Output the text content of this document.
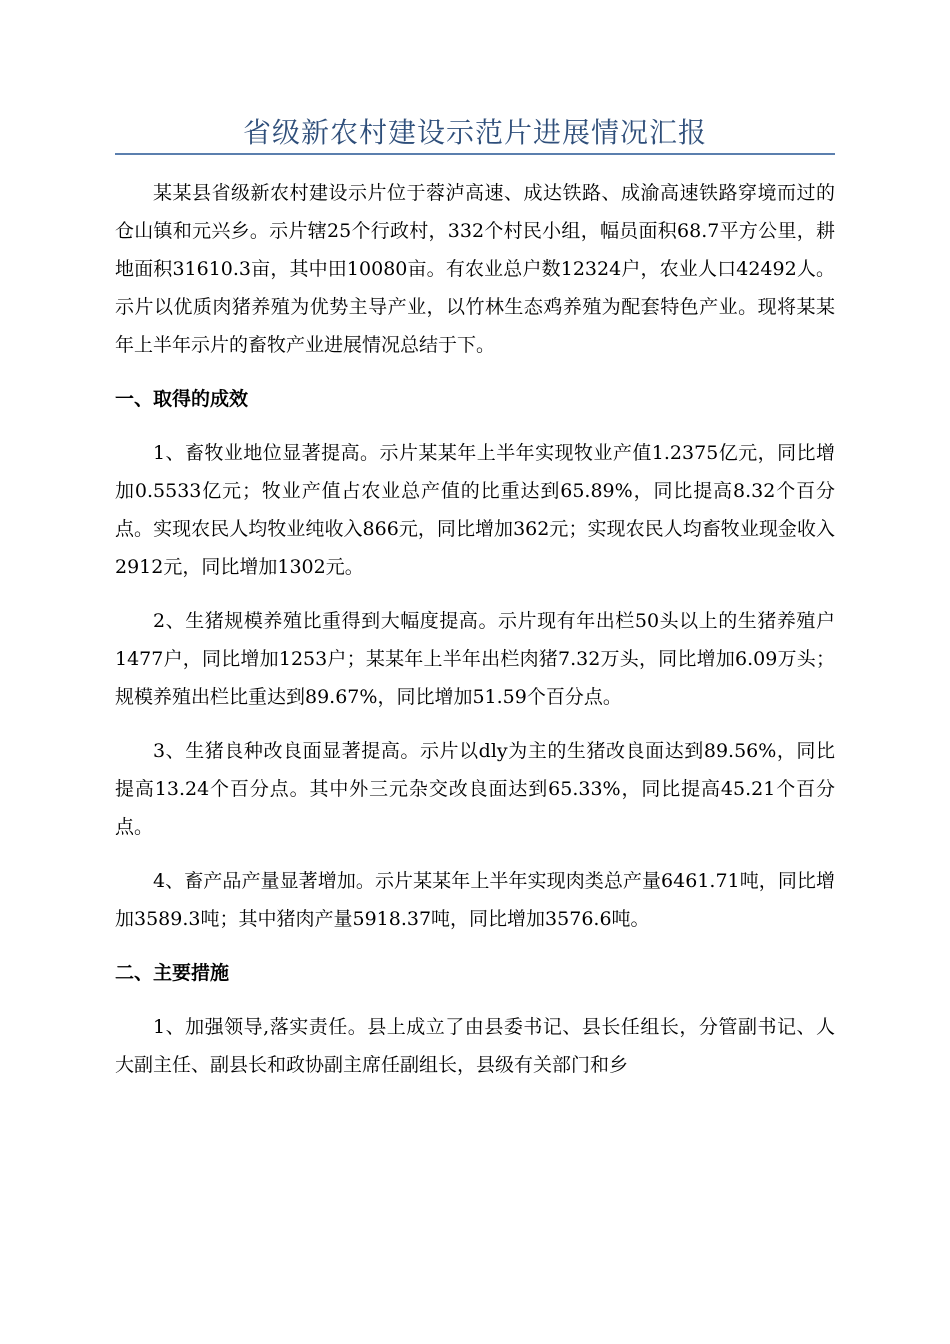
省级新农村建设示范片进展情况汇报

某某县省级新农村建设示片位于蓉泸高速、成达铁路、成渝高速铁路穿境而过的仓山镇和元兴乡。示片辖25个行政村，332个村民小组，幅员面积68.7平方公里，耕地面积31610.3亩，其中田10080亩。有农业总户数12324户，农业人口42492人。示片以优质肉猪养殖为优势主导产业，以竹林生态鸡养殖为配套特色产业。现将某某年上半年示片的畜牧产业进展情况总结于下。

一、取得的成效

1、畜牧业地位显著提高。示片某某年上半年实现牧业产值1.2375亿元，同比增加0.5533亿元；牧业产值占农业总产值的比重达到65.89%，同比提高8.32个百分点。实现农民人均牧业纯收入866元，同比增加362元；实现农民人均畜牧业现金收入2912元，同比增加1302元。

2、生猪规模养殖比重得到大幅度提高。示片现有年出栏50头以上的生猪养殖户1477户，同比增加1253户；某某年上半年出栏肉猪7.32万头，同比增加6.09万头；规模养殖出栏比重达到89.67%，同比增加51.59个百分点。

3、生猪良种改良面显著提高。示片以dly为主的生猪改良面达到89.56%，同比提高13.24个百分点。其中外三元杂交改良面达到65.33%，同比提高45.21个百分点。

4、畜产品产量显著增加。示片某某年上半年实现肉类总产量6461.71吨，同比增加3589.3吨；其中猪肉产量5918.37吨，同比增加3576.6吨。

二、主要措施

1、加强领导,落实责任。县上成立了由县委书记、县长任组长，分管副书记、人大副主任、副县长和政协副主席任副组长，县级有关部门和乡
